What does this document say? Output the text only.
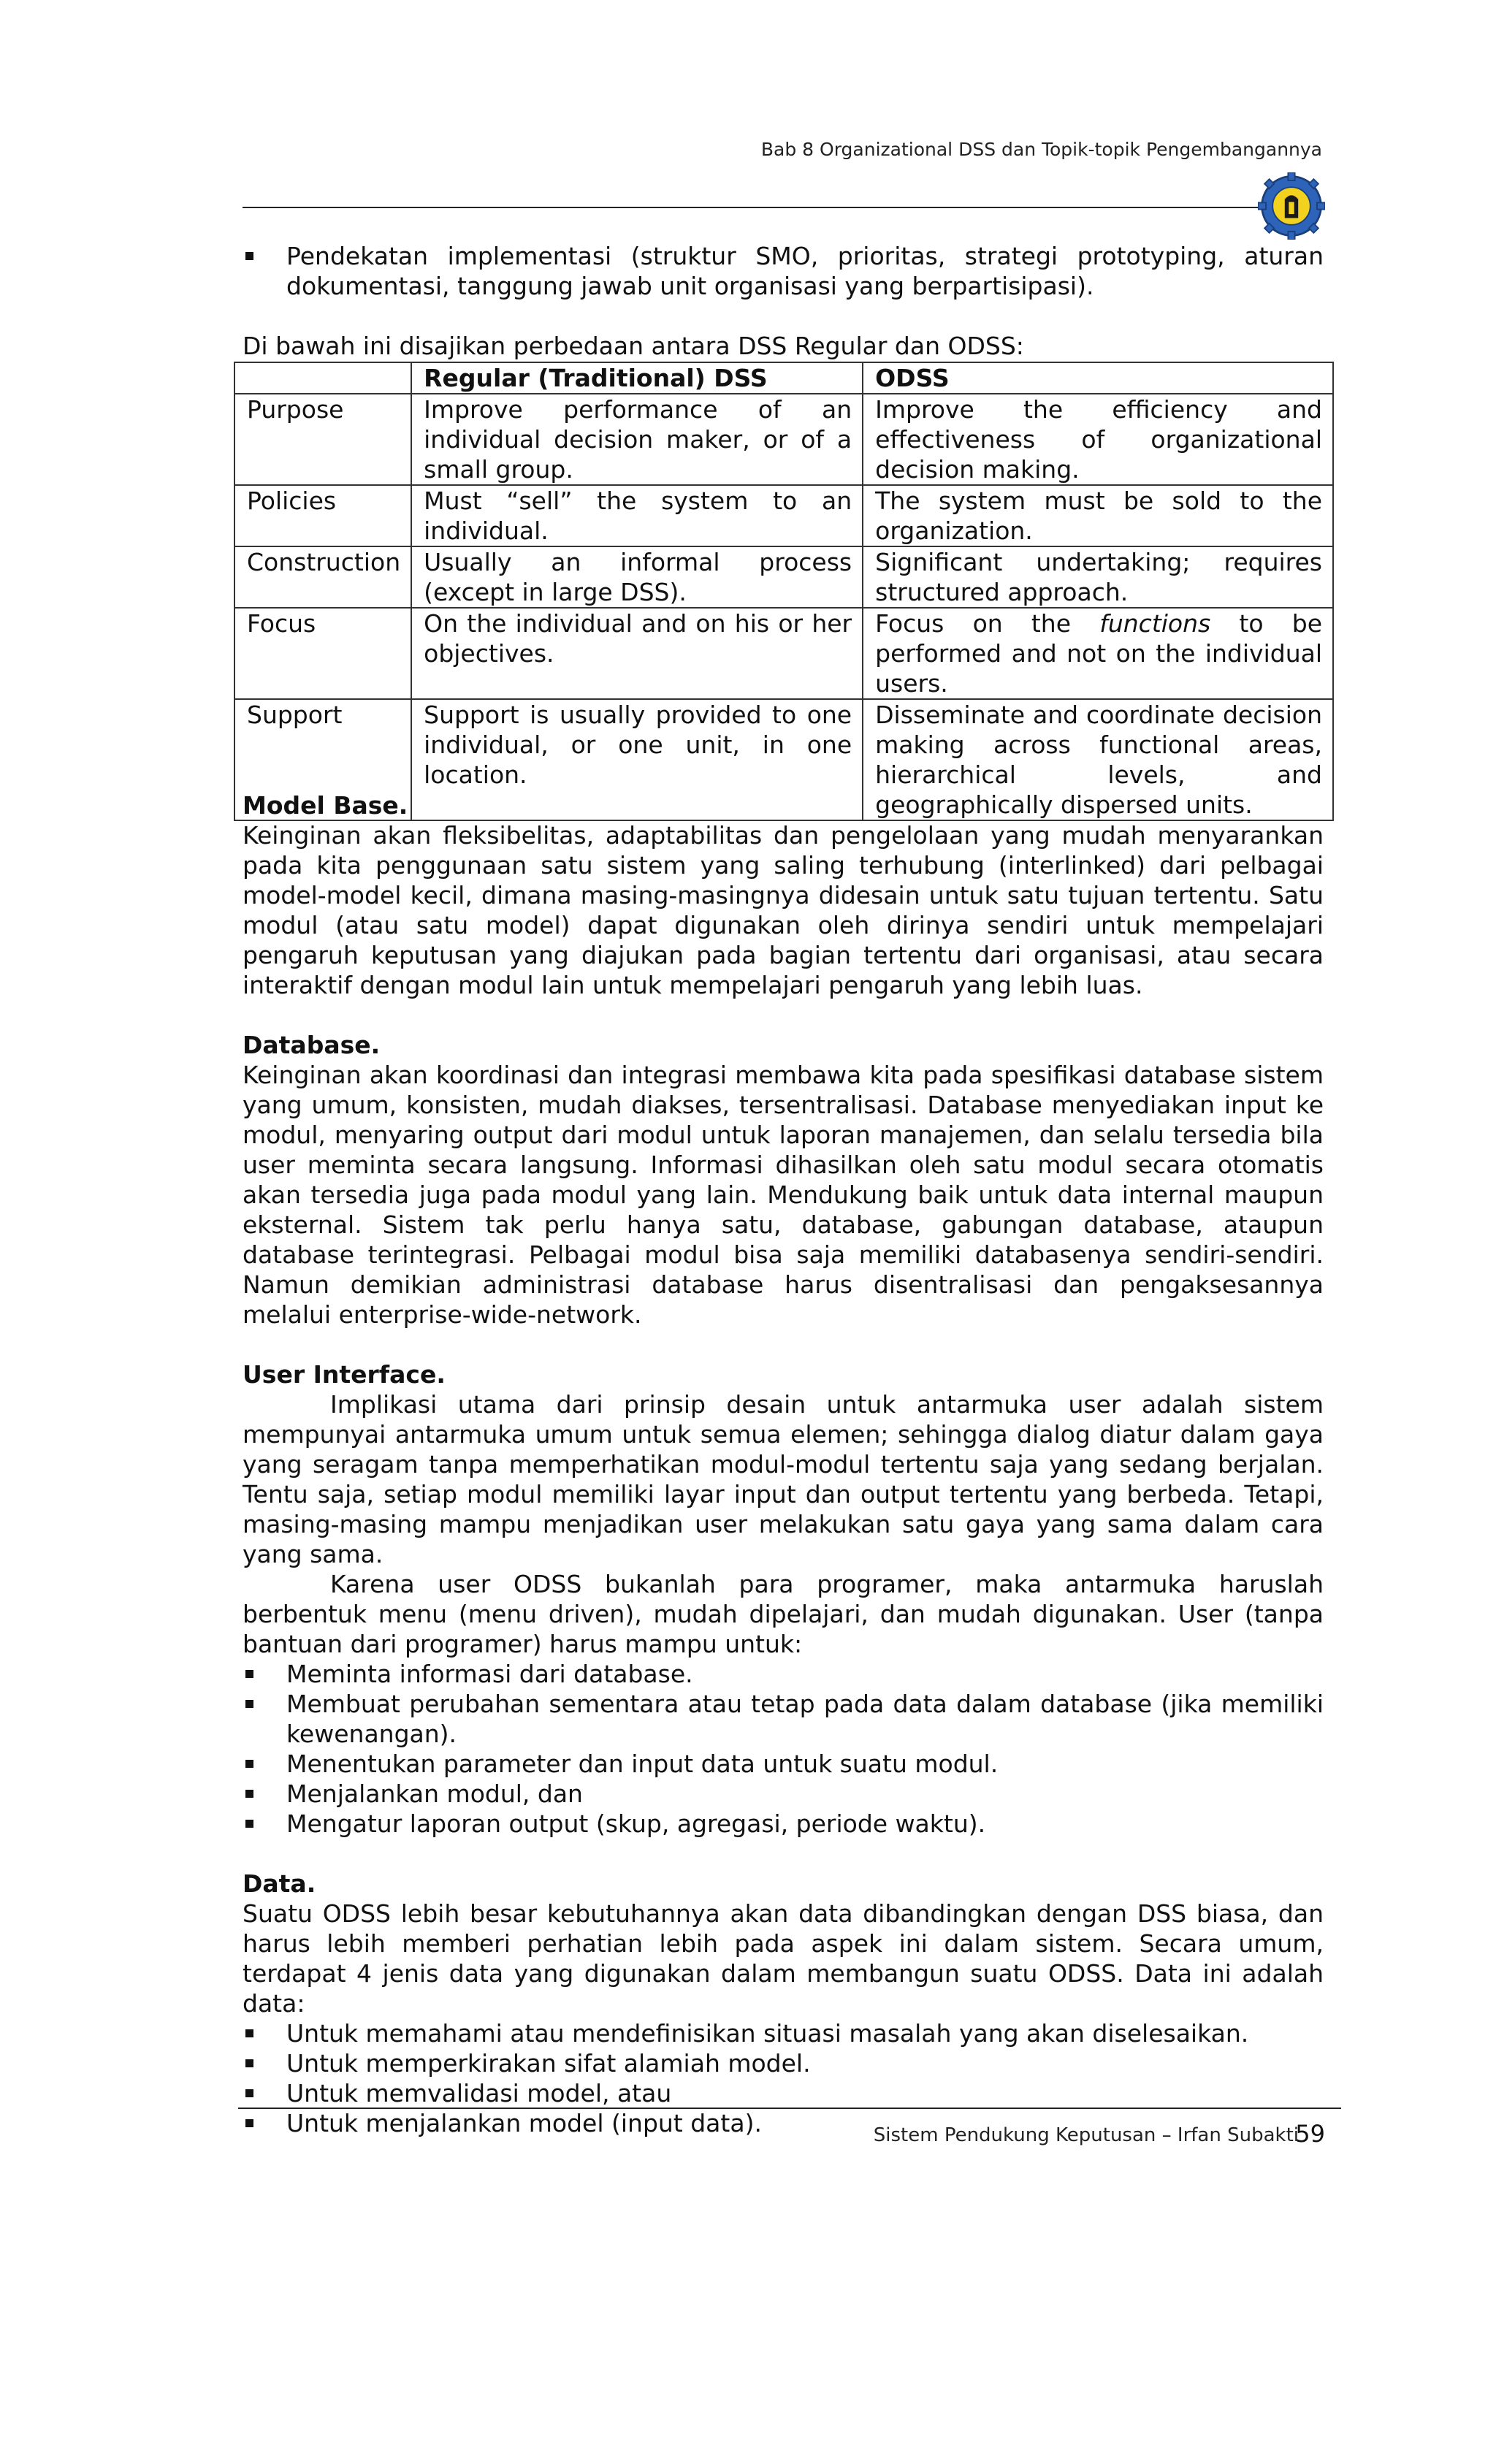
Bab 8 Organizational DSS dan Topik-topik Pengembangannya
Pendekatan implementasi (struktur SMO, prioritas, strategi prototyping, aturan dokumentasi, tanggung jawab unit organisasi yang berpartisipasi).

Di bawah ini disajikan perbedaan antara DSS Regular dan ODSS:

	Regular (Traditional) DSS	ODSS
Purpose	Improve performance of an individual decision maker, or of a small group.	Improve the efficiency and effectiveness of organizational decision making.
Policies	Must “sell” the system to an individual.	The system must be sold to the organization.
Construction	Usually an informal process (except in large DSS).	Significant undertaking; requires structured approach.
Focus	On the individual and on his or her objectives.	Focus on the functions to be performed and not on the individual users.
Support	Support is usually provided to one individual, or one unit, in one location.	Disseminate and coordinate decision making across functional areas, hierarchical levels, and geographically dispersed units.

Model Base.

Keinginan akan fleksibelitas, adaptabilitas dan pengelolaan yang mudah menyarankan pada kita penggunaan satu sistem yang saling terhubung (interlinked) dari pelbagai model-model kecil, dimana masing-masingnya didesain untuk satu tujuan tertentu. Satu modul (atau satu model) dapat digunakan oleh dirinya sendiri untuk mempelajari pengaruh keputusan yang diajukan pada bagian tertentu dari organisasi, atau secara interaktif dengan modul lain untuk mempelajari pengaruh yang lebih luas.

Database.

Keinginan akan koordinasi dan integrasi membawa kita pada spesifikasi database sistem yang umum, konsisten, mudah diakses, tersentralisasi. Database menyediakan input ke modul, menyaring output dari modul untuk laporan manajemen, dan selalu tersedia bila user meminta secara langsung. Informasi dihasilkan oleh satu modul secara otomatis akan tersedia juga pada modul yang lain. Mendukung baik untuk data internal maupun eksternal. Sistem tak perlu hanya satu, database, gabungan database, ataupun database terintegrasi. Pelbagai modul bisa saja memiliki databasenya sendiri-sendiri. Namun demikian administrasi database harus disentralisasi dan pengaksesannya melalui enterprise-wide-network.

User Interface.

Implikasi utama dari prinsip desain untuk antarmuka user adalah sistem mempunyai antarmuka umum untuk semua elemen; sehingga dialog diatur dalam gaya yang seragam tanpa memperhatikan modul-modul tertentu saja yang sedang berjalan. Tentu saja, setiap modul memiliki layar input dan output tertentu yang berbeda. Tetapi, masing-masing mampu menjadikan user melakukan satu gaya yang sama dalam cara yang sama.

Karena user ODSS bukanlah para programer, maka antarmuka haruslah berbentuk menu (menu driven), mudah dipelajari, dan mudah digunakan. User (tanpa bantuan dari programer) harus mampu untuk:

Meminta informasi dari database.
Membuat perubahan sementara atau tetap pada data dalam database (jika memiliki kewenangan).
Menentukan parameter dan input data untuk suatu modul.
Menjalankan modul, dan
Mengatur laporan output (skup, agregasi, periode waktu).

Data.

Suatu ODSS lebih besar kebutuhannya akan data dibandingkan dengan DSS biasa, dan harus lebih memberi perhatian lebih pada aspek ini dalam sistem. Secara umum, terdapat 4 jenis data yang digunakan dalam membangun suatu ODSS. Data ini adalah data:

Untuk memahami atau mendefinisikan situasi masalah yang akan diselesaikan.
Untuk memperkirakan sifat alamiah model.
Untuk memvalidasi model, atau
Untuk menjalankan model (input data).	Sistem Pendukung Keputusan – Irfan Subakti
59
